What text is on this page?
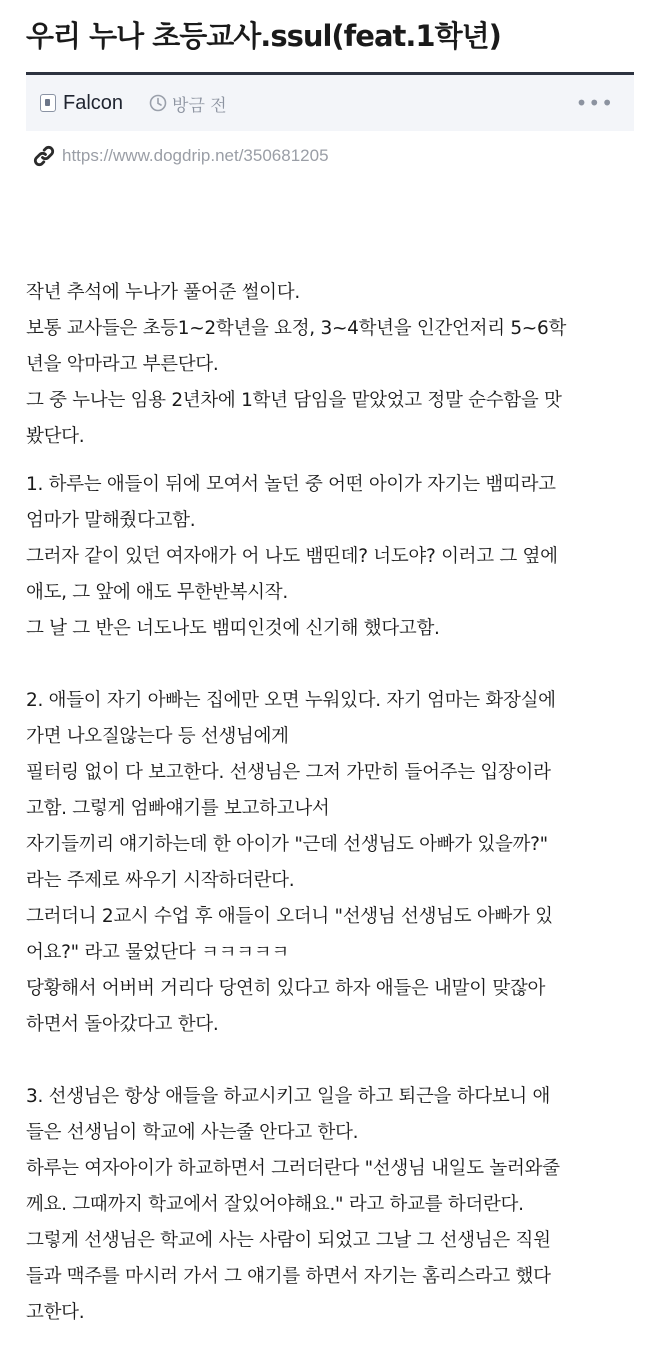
우리 누나 초등교사.ssul(feat.1학년)
Falcon	방금 전	•••
https://www.dogdrip.net/350681205

작년 추석에 누나가 풀어준 썰이다.

보통 교사들은 초등1~2학년을 요정, 3~4학년을 인간언저리 5~6학

년을 악마라고 부른단다.

그 중 누나는 임용 2년차에 1학년 담임을 맡았었고 정말 순수함을 맛

봤단다.

1. 하루는 애들이 뒤에 모여서 놀던 중 어떤 아이가 자기는 뱀띠라고

엄마가 말해줬다고함.

그러자 같이 있던 여자애가 어 나도 뱀띤데? 너도야? 이러고 그 옆에

애도, 그 앞에 애도 무한반복시작.

그 날 그 반은 너도나도 뱀띠인것에 신기해 했다고함.

2. 애들이 자기 아빠는 집에만 오면 누워있다. 자기 엄마는 화장실에

가면 나오질않는다 등 선생님에게

필터링 없이 다 보고한다. 선생님은 그저 가만히 들어주는 입장이라

고함. 그렇게 엄빠얘기를 보고하고나서

자기들끼리 얘기하는데 한 아이가 "근데 선생님도 아빠가 있을까?"

라는 주제로 싸우기 시작하더란다.

그러더니 2교시 수업 후 애들이 오더니 "선생님 선생님도 아빠가 있

어요?" 라고 물었단다 ㅋㅋㅋㅋㅋ

당황해서 어버버 거리다 당연히 있다고 하자 애들은 내말이 맞잖아

하면서 돌아갔다고 한다.

3. 선생님은 항상 애들을 하교시키고 일을 하고 퇴근을 하다보니 애

들은 선생님이 학교에 사는줄 안다고 한다.

하루는 여자아이가 하교하면서 그러더란다 "선생님 내일도 놀러와줄

께요. 그때까지 학교에서 잘있어야해요." 라고 하교를 하더란다.

그렇게 선생님은 학교에 사는 사람이 되었고 그날 그 선생님은 직원

들과 맥주를 마시러 가서 그 얘기를 하면서 자기는 홈리스라고 했다

고한다.
